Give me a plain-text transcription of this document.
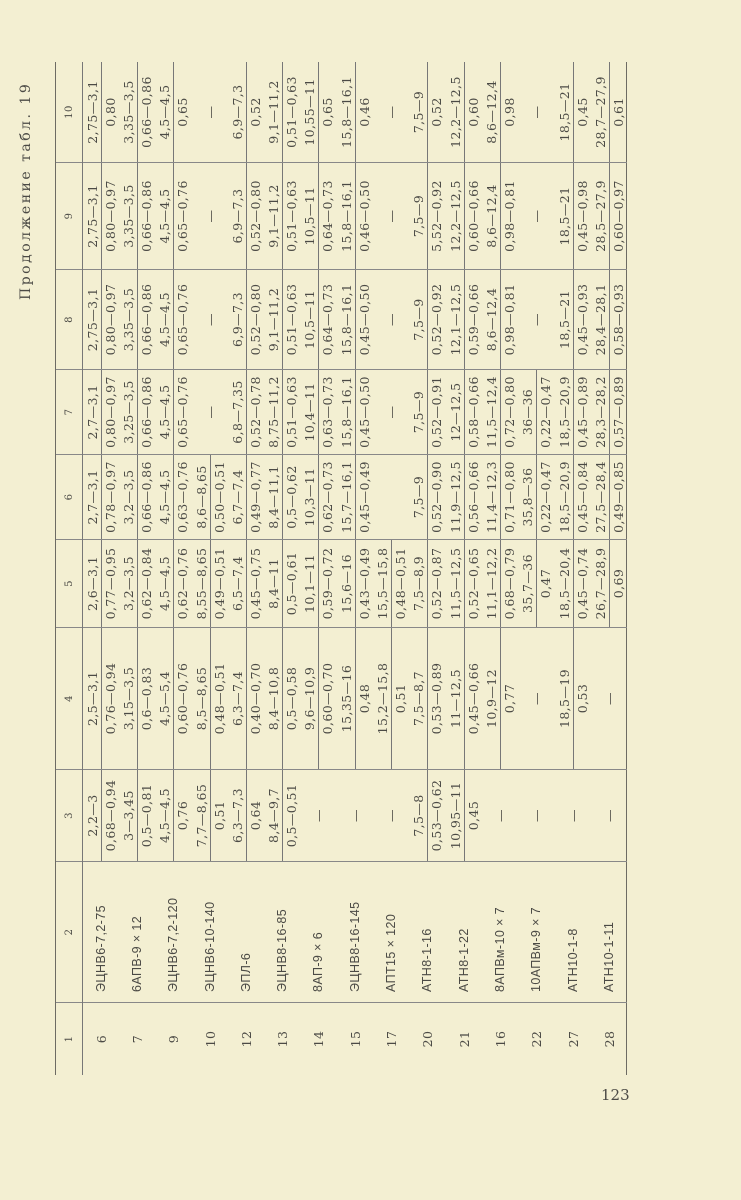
Продолжение табл. 19
1
2
3
4
5
6
7
8
9
10
6
ЭЦНВ6-7,2-75
2,2—3 0,68—0,94
2,5—3,1 0,76—0,94
2,6—3,1 0,77—0,95
2,7—3,1 0,78—0,97
2,7—3,1 0,80—0,97
2,75—3,1 0,80—0,97
2,75—3,1 0,80—0,97
2,75—3,1 0,80
7
6АПВ-9 × 12
3—3,45 0,5—0,81
3,15—3,5 0,6—0,83
3,2—3,5 0,62—0,84
3,2—3,5 0,66—0,86
3,25—3,5 0,66—0,86
3,35—3,5 0,66—0,86
3,35—3,5 0,66—0,86
3,35—3,5 0,66—0,86
9
ЭЦНВ6-7,2-120
4,5—4,5 0,76
4,5—5,4 0,60—0,76
4,5—4,5 0,62—0,76
4,5—4,5 0,63—0,76
4,5—4,5 0,65—0,76
4,5—4,5 0,65—0,76
4,5—4,5 0,65—0,76
4,5—4,5 0,65
10
ЭЦНВ6-10-140
7,7—8,65 0,51
8,5—8,65 0,48—0,51
8,55—8,65 0,49—0,51
8,6—8,65 0,50—0,51
—
—
—
—
12
ЭПЛ-6
6,3—7,3 0,64
6,3—7,4 0,40—0,70
6,5—7,4 0,45—0,75
6,7—7,4 0,49—0,77
6,8—7,35 0,52—0,78
6,9—7,3 0,52—0,80
6,9—7,3 0,52—0,80
6,9—7,3 0,52
13
ЭЦНВ8-16-85
8,4—9,7 0,5—0,51
8,4—10,8 0,5—0,58
8,4—11 0,5—0,61
8,4—11,1 0,5—0,62
8,75—11,2 0,51—0,63
9,1—11,2 0,51—0,63
9,1—11,2 0,51—0,63
9,1—11,2 0,51—0,63
14
8АП-9 × 6
—
9,6—10,9 0,60—0,70
10,1—11 0,59—0,72
10,3—11 0,62—0,73
10,4—11 0,63—0,73
10,5—11 0,64—0,73
10,5—11 0,64—0,73
10,55—11 0,65
15
ЭЦНВ8-16-145
—
15,35—16 0,48
15,6—16 0,43—0,49
15,7—16,1 0,45—0,49
15,8—16,1 0,45—0,50
15,8—16,1 0,45—0,50
15,8—16,1 0,46—0,50
15,8—16,1 0,46
17
АПТ15 × 120
—
15,2—15,8 0,51
15,5—15,8 0,48—0,51
—
—
—
—
20
АТН8-1-16
7,5—8 0,53—0,62
7,5—8,7 0,53—0,89
7,5—8,9 0,52—0,87
7,5—9 0,52—0,90
7,5—9 0,52—0,91
7,5—9 0,52—0,92
7,5—9 5,52—0,92
7,5—9 0,52
21
АТН8-1-22
10,95—11 0,45
11—12,5 0,45—0,66
11,5—12,5 0,52—0,65
11,9—12,5 0,56—0,66
12—12,5 0,58—0,66
12,1—12,5 0,59—0,66
12,2—12,5 0,60—0,66
12,2—12,5 0,60
16
8АПВм-10 × 7
—
10,9—12 0,77
11,1—12,2 0,68—0,79
11,4—12,3 0,71—0,80
11,5—12,4 0,72—0,80
8,6—12,4 0,98—0,81
8,6—12,4 0,98—0,81
8,6—12,4 0,98
22
10АПВм-9 × 7
—
—
35,7—36 0,47
35,8—36 0,22—0,47
36—36 0,22—0,47
—
—
—
27
АТН10-1-8
—
18,5—19 0,53
18,5—20,4 0,45—0,74
18,5—20,9 0,45—0,84
18,5—20,9 0,45—0,89
18,5—21 0,45—0,93
18,5—21 0,45—0,98
18,5—21 0,45
28
АТН10-1-11
—
—
26,7—28,9 0,69
27,5—28,4 0,49—0,85
28,3—28,2 0,57—0,89
28,4—28,1 0,58—0,93
28,5—27,9 0,60—0,97
28,7—27,9 0,61
123
